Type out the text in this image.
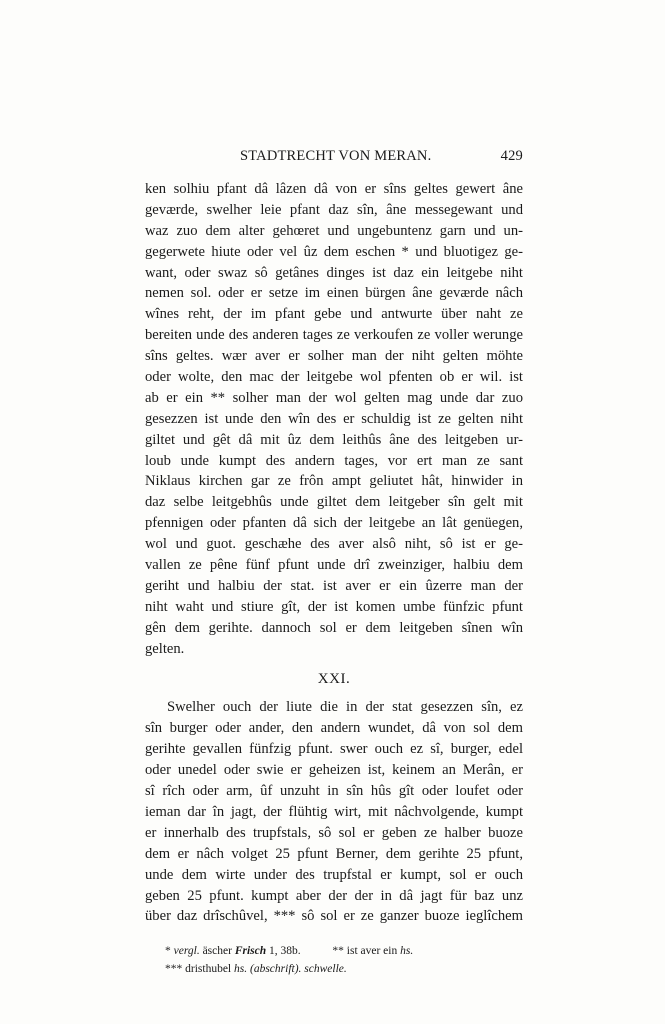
STADTRECHT VON MERAN.	429
ken solhiu pfant dâ lâzen dâ von er sîns geltes gewert âne
geværde, swelher leie pfant daz sîn, âne messegewant und
waz zuo dem alter gehœret und ungebuntenz garn und un-
gegerwete hiute oder vel ûz dem eschen * und bluotigez ge-
want, oder swaz sô getânes dinges ist daz ein leitgebe niht
nemen sol. oder er setze im einen bürgen âne geværde nâch
wînes reht, der im pfant gebe und antwurte über naht ze
bereiten unde des anderen tages ze verkoufen ze voller werunge
sîns geltes. wær aver er solher man der niht gelten möhte
oder wolte, den mac der leitgebe wol pfenten ob er wil. ist
ab er ein ** solher man der wol gelten mag unde dar zuo
gesezzen ist unde den wîn des er schuldig ist ze gelten niht
giltet und gêt dâ mit ûz dem leithûs âne des leitgeben ur-
loub unde kumpt des andern tages, vor ert man ze sant
Niklaus kirchen gar ze frôn ampt geliutet hât, hinwider in
daz selbe leitgebhûs unde giltet dem leitgeber sîn gelt mit
pfennigen oder pfanten dâ sich der leitgebe an lât genüegen,
wol und guot. geschæhe des aver alsô niht, sô ist er ge-
vallen ze pêne fünf pfunt unde drî zweinziger, halbiu dem
geriht und halbiu der stat. ist aver er ein ûzerre man der
niht waht und stiure gît, der ist komen umbe fünfzic pfunt
gên dem gerihte. dannoch sol er dem leitgeben sînen wîn
gelten.
XXI.
Swelher ouch der liute die in der stat gesezzen sîn, ez
sîn burger oder ander, den andern wundet, dâ von sol dem
gerihte gevallen fünfzig pfunt. swer ouch ez sî, burger, edel
oder unedel oder swie er geheizen ist, keinem an Merân, er
sî rîch oder arm, ûf unzuht in sîn hûs gît oder loufet oder
ieman dar în jagt, der flühtig wirt, mit nâchvolgende, kumpt
er innerhalb des trupfstals, sô sol er geben ze halber buoze
dem er nâch volget 25 pfunt Berner, dem gerihte 25 pfunt,
unde dem wirte under des trupfstal er kumpt, sol er ouch
geben 25 pfunt. kumpt aber der der in dâ jagt für baz unz
über daz drîschûvel, *** sô sol er ze ganzer buoze ieglîchem
* vergl. äscher Frisch 1, 38b.	** ist aver ein hs.
*** dristhubel hs. (abschrift). schwelle.
